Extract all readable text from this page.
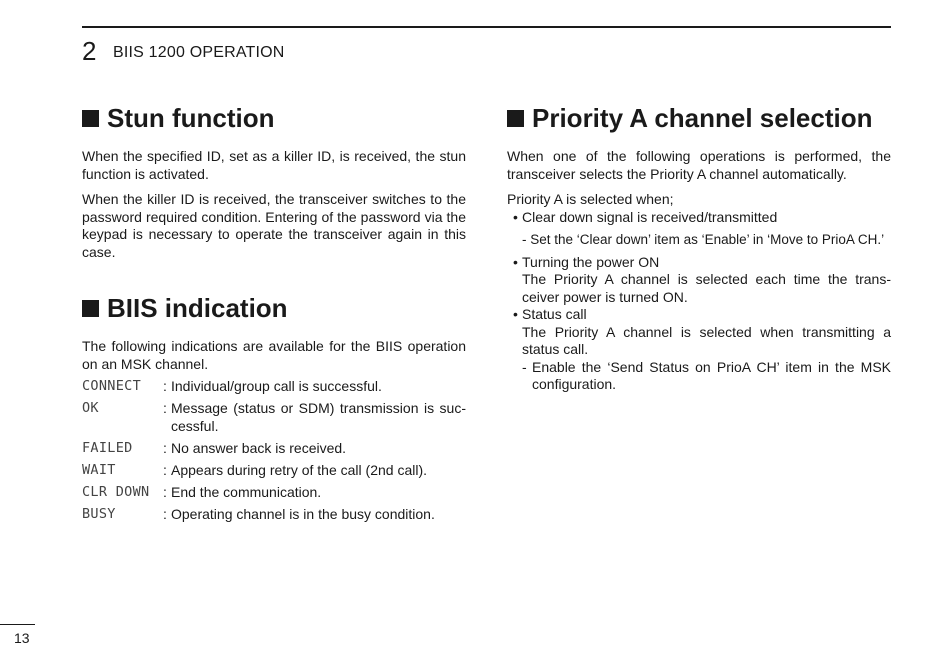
2 BIIS 1200 OPERATION
Stun function

When the specified ID, set as a killer ID, is received, the stun function is activated.

When the killer ID is received, the transceiver switches to the password required condition. Entering of the password via the keypad is necessary to operate the transceiver again in this case.

BIIS indication

The following indications are available for the BIIS operation on an MSK channel.

CONNECT	: Individual/group call is successful.
OK	: Message (status or SDM) transmission is suc-cessful.
FAILED	: No answer back is received.
WAIT	: Appears during retry of the call (2nd call).
CLR DOWN : End the communication.
BUSY	: Operating channel is in the busy condition.
Priority A channel selection

When one of the following operations is performed, the transceiver selects the Priority A channel automatically.

Priority A is selected when;

• Clear down signal is received/transmitted
- Set the ‘Clear down’ item as ‘Enable’ in ‘Move to PrioA CH.’
• Turning the power ON
The Priority A channel is selected each time the trans-ceiver power is turned ON.
• Status call
The Priority A channel is selected when transmitting a status call.
- Enable the ‘Send Status on PrioA CH’ item in the MSK configuration.
13
